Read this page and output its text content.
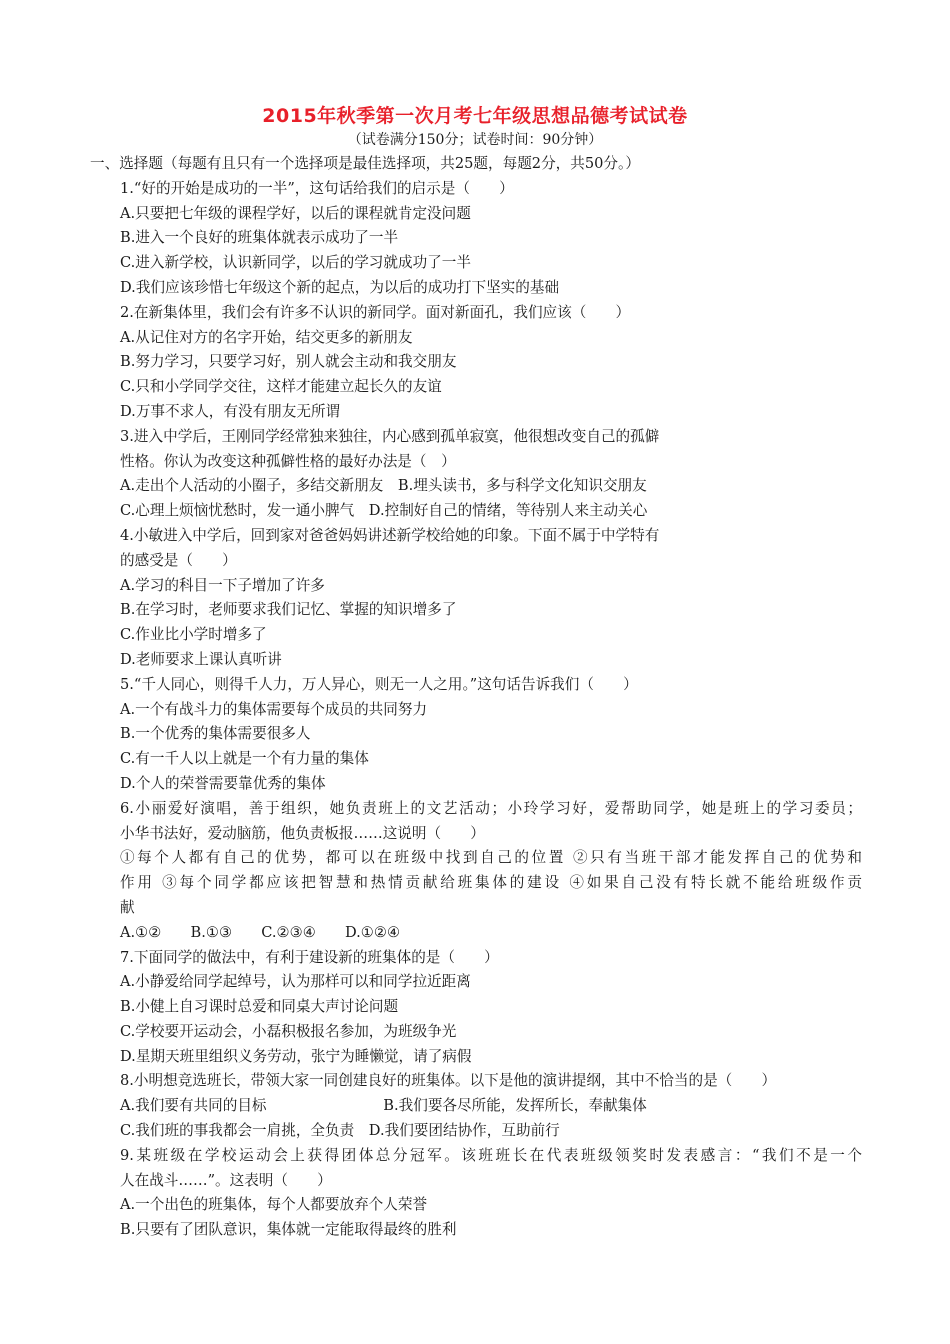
2015年秋季第一次月考七年级思想品德考试试卷

（试卷满分150分；试卷时间：90分钟）

一、选择题（每题有且只有一个选择项是最佳选择项，共25题，每题2分，共50分。）
1.“好的开始是成功的一半”，这句话给我们的启示是（　　）
A.只要把七年级的课程学好，以后的课程就肯定没问题
B.进入一个良好的班集体就表示成功了一半
C.进入新学校，认识新同学，以后的学习就成功了一半
D.我们应该珍惜七年级这个新的起点，为以后的成功打下坚实的基础
2.在新集体里，我们会有许多不认识的新同学。面对新面孔，我们应该（　　）
A.从记住对方的名字开始，结交更多的新朋友
B.努力学习，只要学习好，别人就会主动和我交朋友
C.只和小学同学交往，这样才能建立起长久的友谊
D.万事不求人，有没有朋友无所谓
3.进入中学后，王刚同学经常独来独往，内心感到孤单寂寞，他很想改变自己的孤僻
性格。你认为改变这种孤僻性格的最好办法是（　）
A.走出个人活动的小圈子，多结交新朋友　B.埋头读书，多与科学文化知识交朋友
C.心理上烦恼忧愁时，发一通小脾气　D.控制好自己的情绪，等待别人来主动关心
4.小敏进入中学后，回到家对爸爸妈妈讲述新学校给她的印象。下面不属于中学特有
的感受是（　　）
A.学习的科目一下子增加了许多
B.在学习时，老师要求我们记忆、掌握的知识增多了
C.作业比小学时增多了
D.老师要求上课认真听讲
5.“千人同心，则得千人力，万人异心，则无一人之用。”这句话告诉我们（　　）
A.一个有战斗力的集体需要每个成员的共同努力
B.一个优秀的集体需要很多人
C.有一千人以上就是一个有力量的集体
D.个人的荣誉需要靠优秀的集体
6.小丽爱好演唱，善于组织，她负责班上的文艺活动；小玲学习好，爱帮助同学，她是班上的学习委员；
小华书法好，爱动脑筋，他负责板报……这说明（　　）
①每个人都有自己的优势，都可以在班级中找到自己的位置 ②只有当班干部才能发挥自己的优势和
作用 ③每个同学都应该把智慧和热情贡献给班集体的建设 ④如果自己没有特长就不能给班级作贡
献
A.①②　　B.①③　　C.②③④　　D.①②④
7.下面同学的做法中，有利于建设新的班集体的是（　　）
A.小静爱给同学起绰号，认为那样可以和同学拉近距离
B.小健上自习课时总爱和同桌大声讨论问题
C.学校要开运动会，小磊积极报名参加，为班级争光
D.星期天班里组织义务劳动，张宁为睡懒觉，请了病假
8.小明想竞选班长，带领大家一同创建良好的班集体。以下是他的演讲提纲，其中不恰当的是（　　）
A.我们要有共同的目标　　　　　　　　B.我们要各尽所能，发挥所长，奉献集体
C.我们班的事我都会一肩挑，全负责　D.我们要团结协作，互助前行
9.某班级在学校运动会上获得团体总分冠军。该班班长在代表班级领奖时发表感言：“我们不是一个
人在战斗……”。这表明（　　）
A.一个出色的班集体，每个人都要放弃个人荣誉
B.只要有了团队意识，集体就一定能取得最终的胜利
